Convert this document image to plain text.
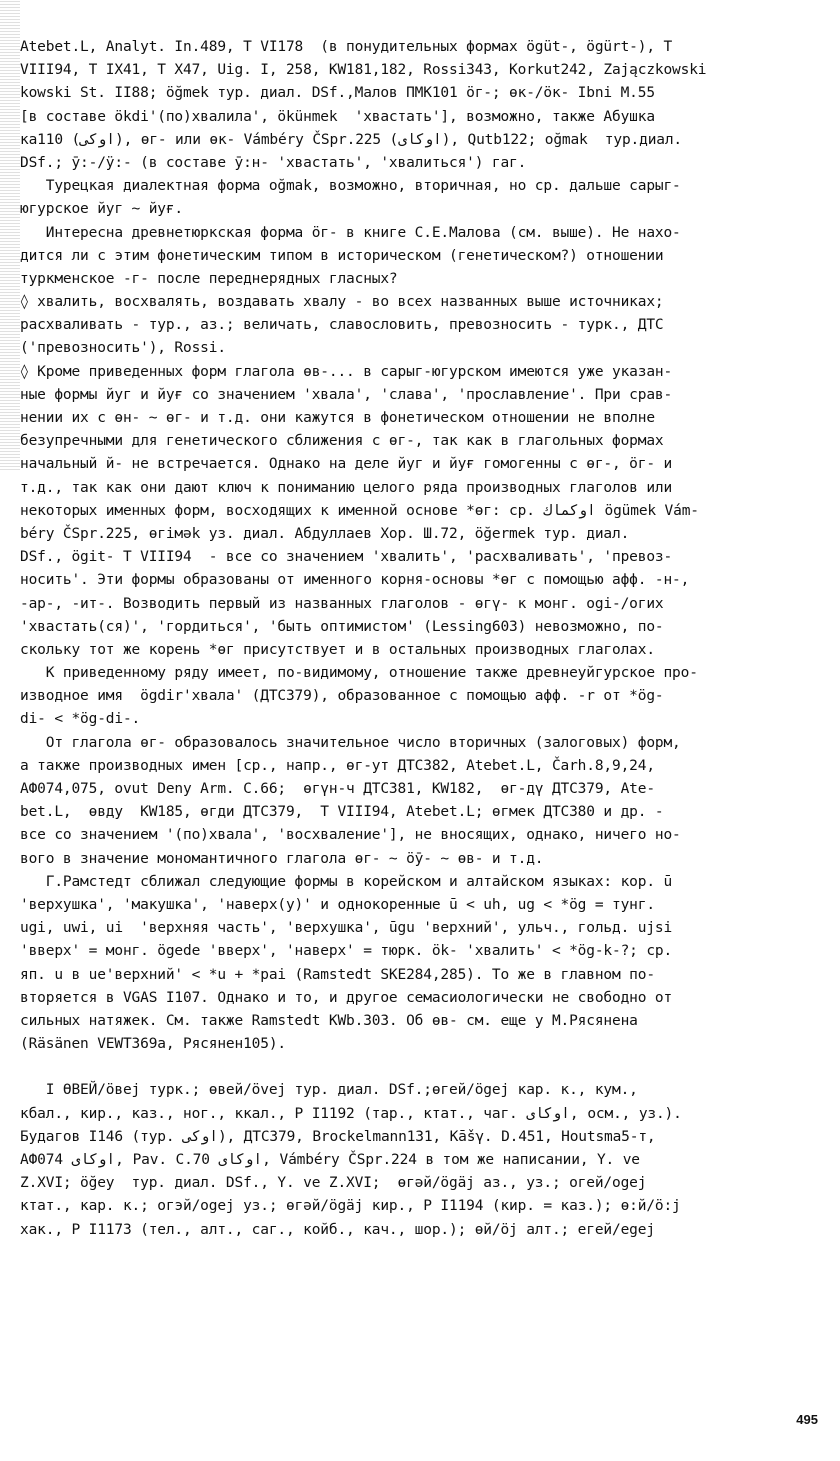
Atebet.L, Analyt. In.489, T VI178  (в понудительных формах ögüt-, ögürt-), T
VIII94, T IX41, T X47, Uig. I, 258, KW181,182, Rossi343, Korkut242, Zajączkowski
kowski St. II88; öğmek тур. диал. DSf.,Малов ПМК101 ӧг-; өк-/ӧк- Ibni M.55
[в составе ökdi'(по)хвалила', öküнmek  'хвастать'], возможно, также Абушка
ка110 (اوكى), өг- или өк- Vámbéry ČSpr.225 (اوكاى), Qutb122; oğmak  тур.диал.
DSf.; ӯ:-/ӱ:- (в составе ӯ:н- 'хвастать', 'хвалиться') гаг.
Турецкая диалектная форма oğmak, возможно, вторичная, но ср. дальше сарыг-
югурское йуг ~ йуғ.
Интересна древнетюркская форма ӧг- в книге С.Е.Малова (см. выше). Не нахо-
дится ли с этим фонетическим типом в историческом (генетическом?) отношении
туркменское -г- после переднерядных гласных?
◊ хвалить, восхвалять, воздавать хвалу - во всех названных выше источниках;
расхваливать - тур., аз.; величать, славословить, превозносить - турк., ДТС
('превозносить'), Rossi.
◊ Кроме приведенных форм глагола өв-... в сарыг-югурском имеются уже указан-
ные формы йуг и йуғ со значением 'хвала', 'слава', 'прославление'. При срав-
нении их с өн- ~ өг- и т.д. они кажутся в фонетическом отношении не вполне
безупречными для генетического сближения с өг-, так как в глагольных формах
начальный й- не встречается. Однако на деле йуг и йуғ гомогенны с өг-, ӧг- и
т.д., так как они дают ключ к пониманию целого ряда производных глаголов или
некоторых именных форм, восходящих к именной основе *өг: ср. اوكماك ögümek Vám-
béry ČSpr.225, өгімək уз. диал. Абдуллаев Хор. Ш.72, öğermek тур. диал.
DSf., ögit- T VIII94  - все со значением 'хвалить', 'расхваливать', 'превоз-
носить'. Эти формы образованы от именного корня-основы *өг с помощью афф. -н-,
-ар-, -ит-. Возводить первый из названных глаголов - өгү- к монг. ogi-/огих
'хвастать(ся)', 'гордиться', 'быть оптимистом' (Lessing603) невозможно, по-
скольку тот же корень *өг присутствует и в остальных производных глаголах.
К приведенному ряду имеет, по-видимому, отношение также древнеуйгурское про-
изводное имя  ögdir'хвала' (ДТС379), образованное с помощью афф. -r от *ög-
di- < *ög-di-.
От глагола өг- образовалось значительное число вторичных (залоговых) форм,
а также производных имен [ср., напр., өг-ут ДТС382, Atebet.L, Čarh.8,9,24,
АФ074,075, ovut Deny Arm. C.66;  өгүн-ч ДТС381, KW182,  өг-дү ДТС379, Ate-
bet.L,  өвду  KW185, өгди ДТС379,  T VIII94, Atebet.L; өгмек ДТС380 и др. -
все со значением '(по)хвала', 'восхваление'], не вносящих, однако, ничего но-
вого в значение мономантичного глагола өг- ~ ӧӯ- ~ өв- и т.д.
Г.Рамстедт сближал следующие формы в корейском и алтайском языках: кор. ū
'верхушка', 'макушка', 'наверх(у)' и однокоренные ū < uh, ug < *ög = тунг.
ugi, uwi, ui  'верхняя часть', 'верхушка', ūgu 'верхний', ульч., гольд. ujsi
'вверх' = монг. ögede 'вверх', 'наверх' = тюрк. ök- 'хвалить' < *ög-k-?; ср.
яп. u в ue'верхний' < *u + *pai (Ramstedt SKE284,285). То же в главном по-
вторяется в VGAS I107. Однако и то, и другое семасиологически не свободно от
сильных натяжек. См. также Ramstedt KWb.303. Об өв- см. еще у М.Рясянена
(Räsänen VEWT369a, Рясянен105).
I ӨВЕЙ/ӧвеј турк.; өвей/övej тур. диал. DSf.;өгей/ögej кар. к., кум.,
кбал., кир., каз., ног., ккал., Р I1192 (тар., ктат., чаг. اوكاى, осм., уз.).
Будагов I146 (тур. اوكى), ДТС379, Brockelmann131, Kāšγ. D.451, Houtsma5-т,
АФ074 اوكاى, Pav. C.70 اوكاى, Vámbéry ČSpr.224 в том же написании, Y. ve
Z.XVI; öğey  тур. диал. DSf., Y. ve Z.XVI;  өгәй/ögäj аз., уз.; огей/ogej
ктат., кар. к.; огэй/ogej уз.; өгәй/ögäj кир., Р I1194 (кир. = каз.); ө:й/ö:j
хак., Р I1173 (тел., алт., саг., койб., кач., шор.); өй/öj алт.; егей/egej
495
